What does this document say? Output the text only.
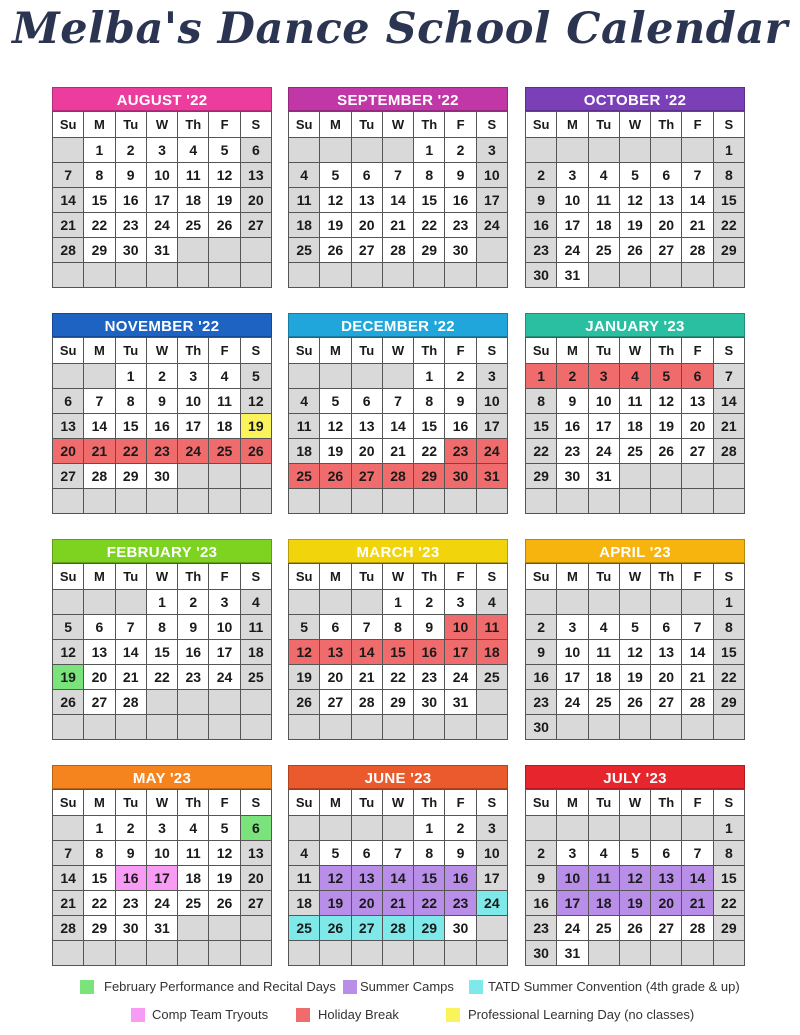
Melba's Dance School Calendar
AUGUST '22
Su	M	Tu	W	Th	F	S
	1	2	3	4	5	6
7	8	9	10	11	12	13
14	15	16	17	18	19	20
21	22	23	24	25	26	27
28	29	30	31			

SEPTEMBER '22
Su	M	Tu	W	Th	F	S
				1	2	3
4	5	6	7	8	9	10
11	12	13	14	15	16	17
18	19	20	21	22	23	24
25	26	27	28	29	30	

OCTOBER '22
Su	M	Tu	W	Th	F	S
						1
2	3	4	5	6	7	8
9	10	11	12	13	14	15
16	17	18	19	20	21	22
23	24	25	26	27	28	29
30	31					
NOVEMBER '22
Su	M	Tu	W	Th	F	S
		1	2	3	4	5
6	7	8	9	10	11	12
13	14	15	16	17	18	19
20	21	22	23	24	25	26
27	28	29	30			

DECEMBER '22
Su	M	Tu	W	Th	F	S
				1	2	3
4	5	6	7	8	9	10
11	12	13	14	15	16	17
18	19	20	21	22	23	24
25	26	27	28	29	30	31

JANUARY '23
Su	M	Tu	W	Th	F	S
1	2	3	4	5	6	7
8	9	10	11	12	13	14
15	16	17	18	19	20	21
22	23	24	25	26	27	28
29	30	31				

FEBRUARY '23
Su	M	Tu	W	Th	F	S
			1	2	3	4
5	6	7	8	9	10	11
12	13	14	15	16	17	18
19	20	21	22	23	24	25
26	27	28				

MARCH '23
Su	M	Tu	W	Th	F	S
			1	2	3	4
5	6	7	8	9	10	11
12	13	14	15	16	17	18
19	20	21	22	23	24	25
26	27	28	29	30	31	

APRIL '23
Su	M	Tu	W	Th	F	S
						1
2	3	4	5	6	7	8
9	10	11	12	13	14	15
16	17	18	19	20	21	22
23	24	25	26	27	28	29
30						
MAY '23
Su	M	Tu	W	Th	F	S
	1	2	3	4	5	6
7	8	9	10	11	12	13
14	15	16	17	18	19	20
21	22	23	24	25	26	27
28	29	30	31			

JUNE '23
Su	M	Tu	W	Th	F	S
				1	2	3
4	5	6	7	8	9	10
11	12	13	14	15	16	17
18	19	20	21	22	23	24
25	26	27	28	29	30	

JULY '23
Su	M	Tu	W	Th	F	S
						1
2	3	4	5	6	7	8
9	10	11	12	13	14	15
16	17	18	19	20	21	22
23	24	25	26	27	28	29
30	31					
February Performance and Recital Days Summer Camps	TATD Summer Convention (4th grade & up)
Comp Team Tryouts	Holiday Break	Professional Learning Day (no classes)
